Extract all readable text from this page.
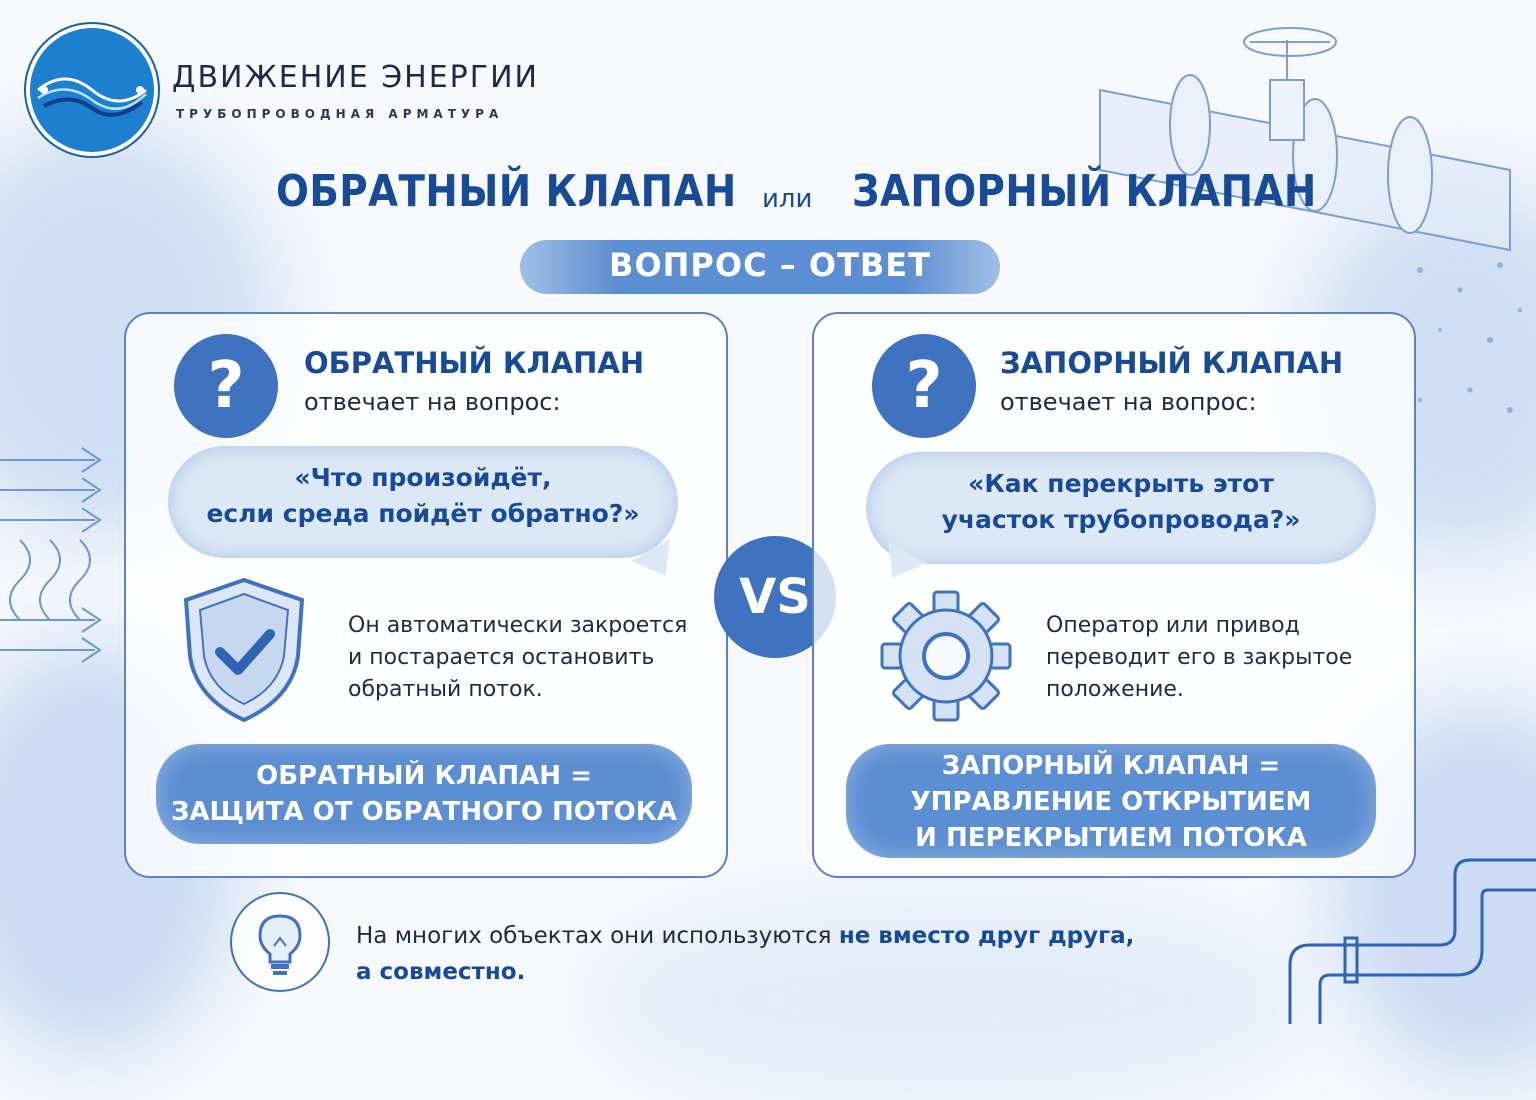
ДВИЖЕНИЕ ЭНЕРГИИ
ТРУБОПРОВОДНАЯ АРМАТУРА
ОБРАТНЫЙ КЛАПАН или ЗАПОРНЫЙ КЛАПАН
ВОПРОС – ОТВЕТ
?	ОБРАТНЫЙ КЛАПАН
отвечает на вопрос:
«Что произойдёт,
если среда пойдёт обратно?»
Он автоматически закроется
и постарается остановить
обратный поток.
ОБРАТНЫЙ КЛАПАН =
ЗАЩИТА ОТ ОБРАТНОГО ПОТОКА
VS
?	ЗАПОРНЫЙ КЛАПАН
отвечает на вопрос:
«Как перекрыть этот
участок трубопровода?»
Оператор или привод
переводит его в закрытое
положение.
ЗАПОРНЫЙ КЛАПАН =
УПРАВЛЕНИЕ ОТКРЫТИЕМ
И ПЕРЕКРЫТИЕМ ПОТОКА
На многих объектах они используются не вместо друг друга,
а совместно.
